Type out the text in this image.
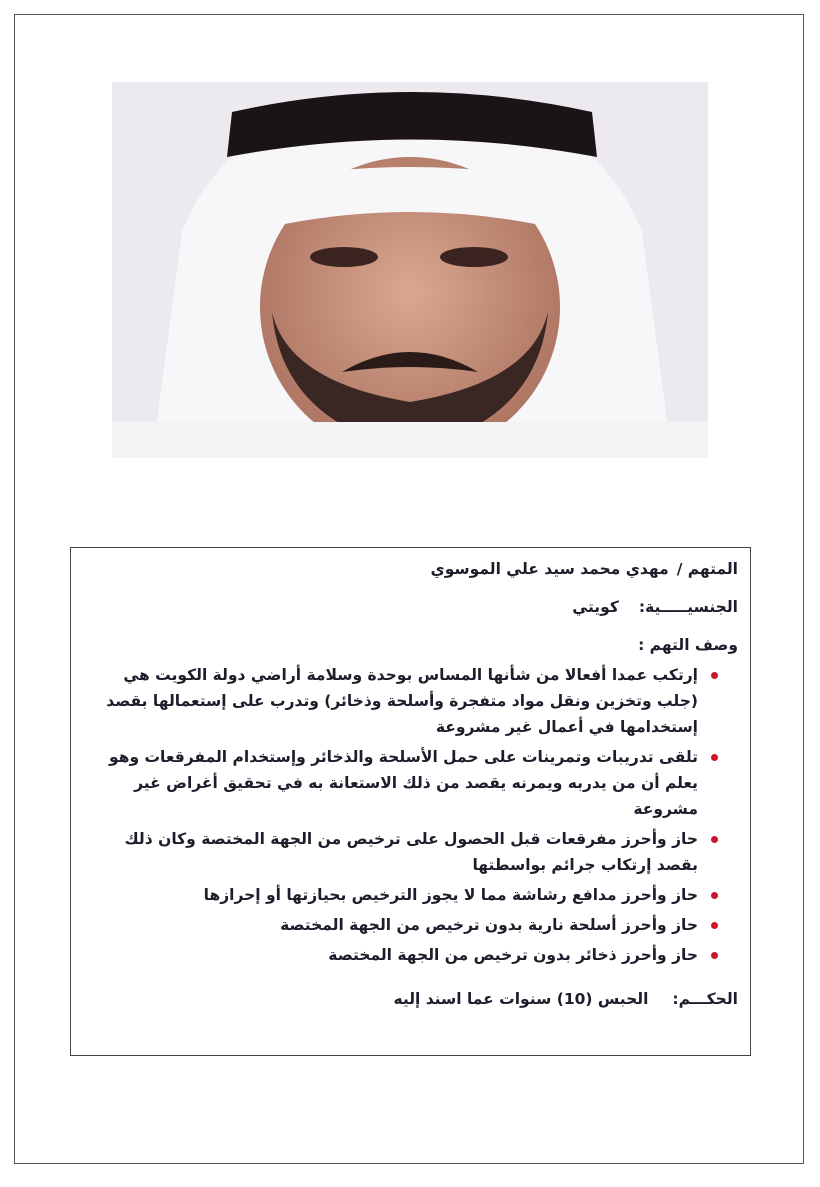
المتهم /
مهدي محمد سيد علي الموسوي
الجنسيـــــية:
كويتي
وصف التهم :
إرتكب عمدا أفعالا من شأنها المساس بوحدة وسلامة أراضي دولة الكويت هي (جلب وتخزين ونقل مواد متفجرة وأسلحة وذخائر) وتدرب على إستعمالها بقصد إستخدامها في أعمال غير مشروعة
تلقى تدريبات وتمرينات على حمل الأسلحة والذخائر وإستخدام المفرقعات وهو يعلم أن من يدربه ويمرنه يقصد من ذلك الاستعانة به في تحقيق أغراض غير مشروعة
حاز وأحرز مفرقعات قبل الحصول على ترخيص من الجهة المختصة وكان ذلك بقصد إرتكاب جرائم بواسطتها
حاز وأحرز مدافع رشاشة مما لا يجوز الترخيص بحيازتها أو إحرازها
حاز وأحرز أسلحة نارية بدون ترخيص من الجهة المختصة
حاز وأحرز ذخائر بدون ترخيص من الجهة المختصة
الحكـــم:
الحبس (10) سنوات عما اسند إليه
